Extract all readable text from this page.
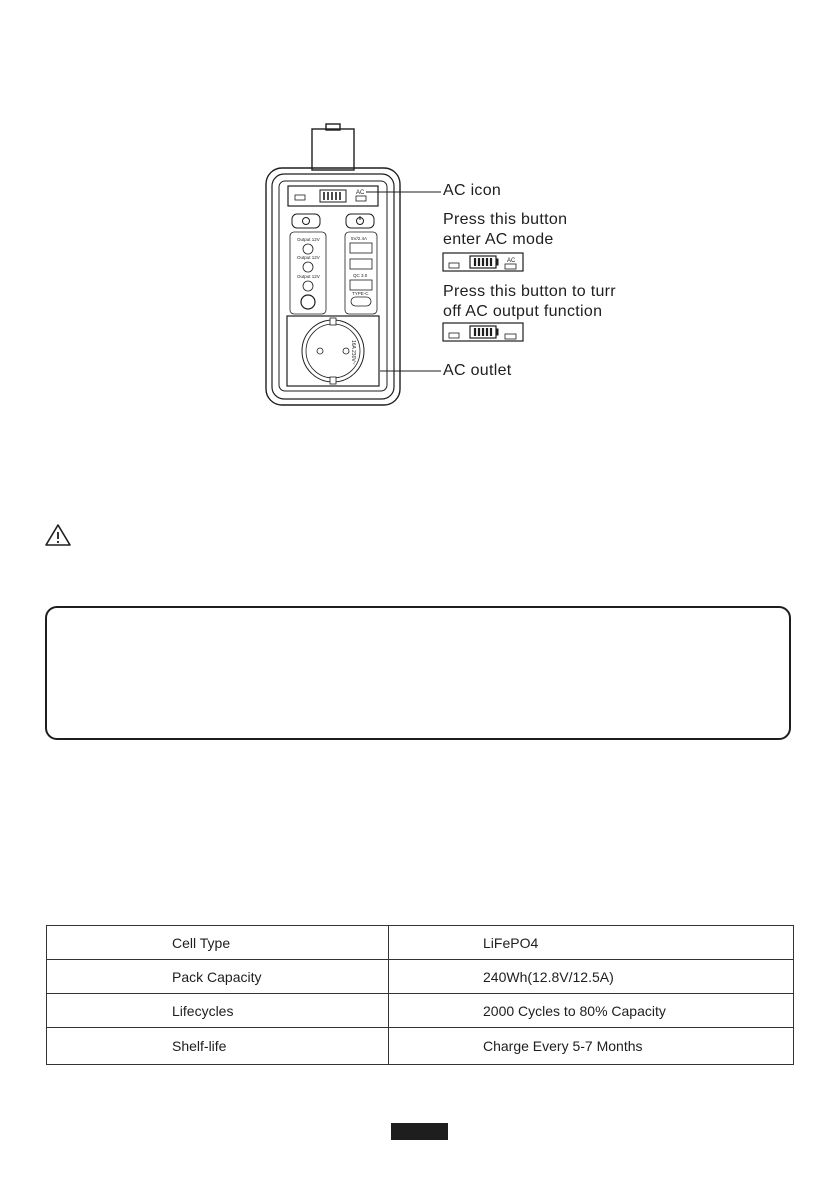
AC
Output 12V
Output 12V
Output 12V
5V/2.4A
QC 3.0
TYPE-C
16A 230V~
AC
AC icon
Press this button
enter AC mode
Press this button to turr
off AC output function
AC outlet
Cell Type	LiFePO4
Pack Capacity	240Wh(12.8V/12.5A)
Lifecycles	2000 Cycles to 80% Capacity
Shelf-life	Charge Every 5-7 Months
